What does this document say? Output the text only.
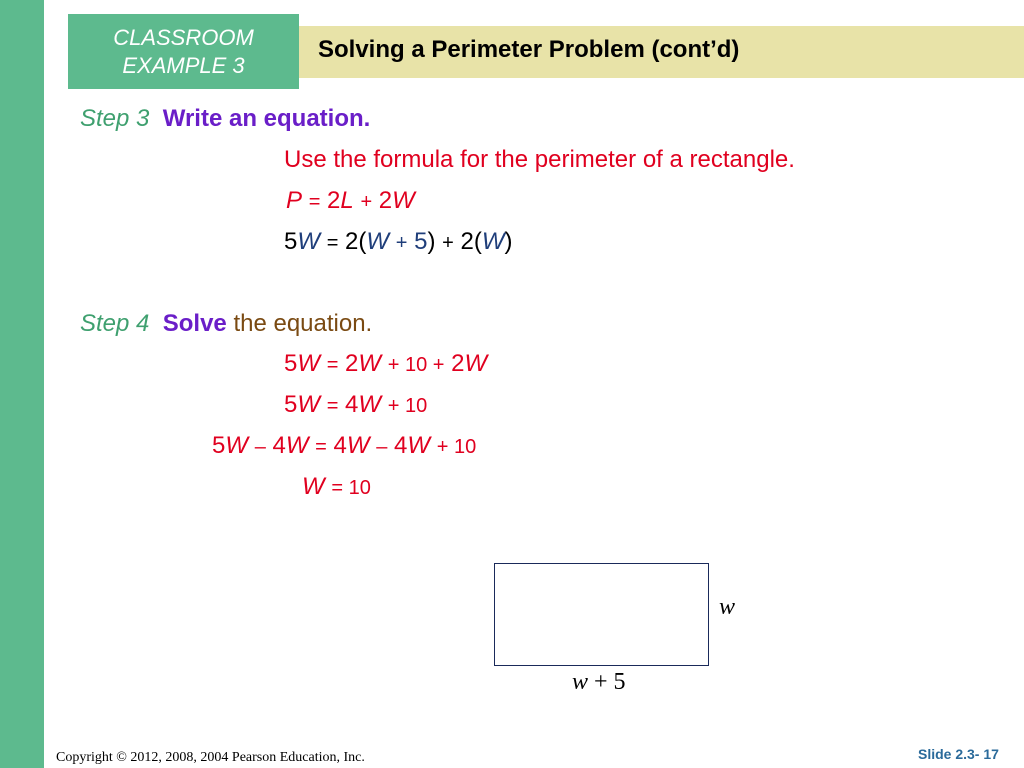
CLASSROOM
EXAMPLE 3
Solving a Perimeter Problem (cont’d)
Step 3 Write an equation.
Use the formula for the perimeter of a rectangle.
P = 2L + 2W
5W = 2(W + 5) + 2(W)
Step 4 Solve the equation.
5W = 2W + 10 + 2W
5W = 4W + 10
5W – 4W = 4W – 4W + 10
W = 10
w
w + 5
Copyright © 2012, 2008, 2004 Pearson Education, Inc.	Slide 2.3- 17
